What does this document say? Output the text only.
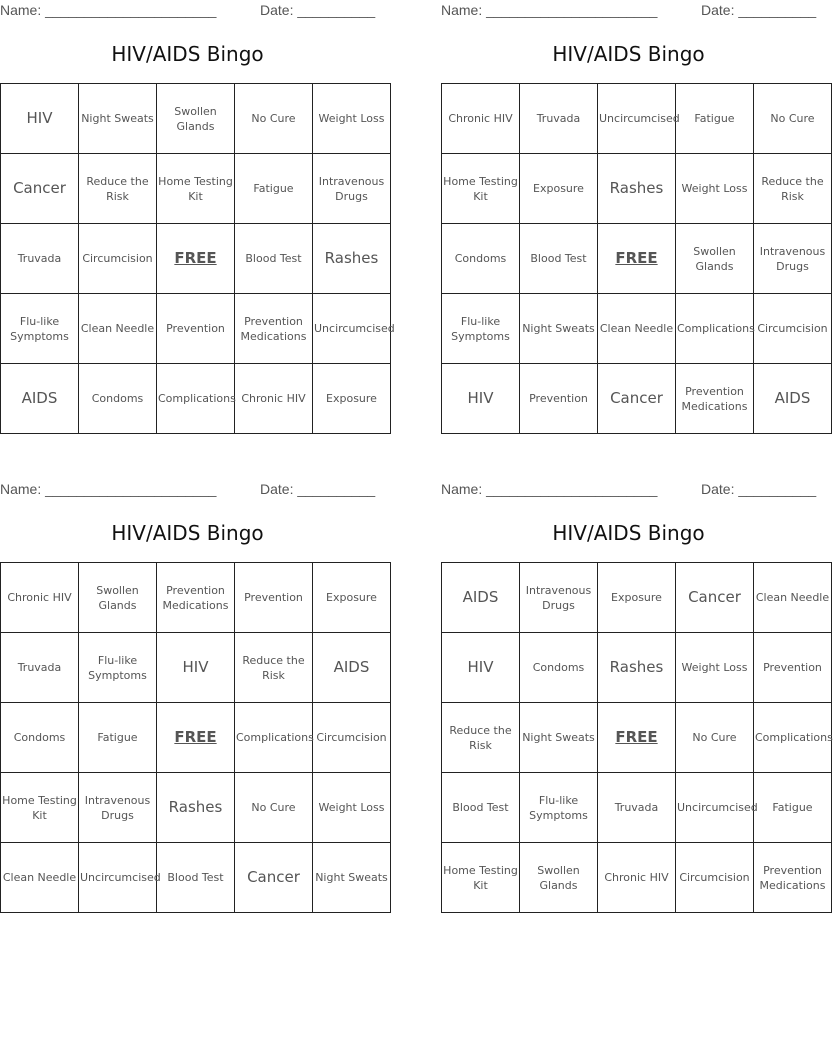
Name: ______________________	Date: __________
HIV/AIDS Bingo
HIV	Night Sweats	Swollen Glands	No Cure	Weight Loss
Cancer	Reduce the Risk	Home Testing Kit	Fatigue	Intravenous Drugs
Truvada	Circumcision	FREE	Blood Test	Rashes
Flu-like Symptoms	Clean Needle	Prevention	Prevention Medications	Uncircumcised
AIDS	Condoms	Complications	Chronic HIV	Exposure
Name: ______________________	Date: __________
HIV/AIDS Bingo
Chronic HIV	Truvada	Uncircumcised	Fatigue	No Cure
Home Testing Kit	Exposure	Rashes	Weight Loss	Reduce the Risk
Condoms	Blood Test	FREE	Swollen Glands	Intravenous Drugs
Flu-like Symptoms	Night Sweats	Clean Needle	Complications	Circumcision
HIV	Prevention	Cancer	Prevention Medications	AIDS
Name: ______________________	Date: __________
HIV/AIDS Bingo
Chronic HIV	Swollen Glands	Prevention Medications	Prevention	Exposure
Truvada	Flu-like Symptoms	HIV	Reduce the Risk	AIDS
Condoms	Fatigue	FREE	Complications	Circumcision
Home Testing Kit	Intravenous Drugs	Rashes	No Cure	Weight Loss
Clean Needle	Uncircumcised	Blood Test	Cancer	Night Sweats
Name: ______________________	Date: __________
HIV/AIDS Bingo
AIDS	Intravenous Drugs	Exposure	Cancer	Clean Needle
HIV	Condoms	Rashes	Weight Loss	Prevention
Reduce the Risk	Night Sweats	FREE	No Cure	Complications
Blood Test	Flu-like Symptoms	Truvada	Uncircumcised	Fatigue
Home Testing Kit	Swollen Glands	Chronic HIV	Circumcision	Prevention Medications
